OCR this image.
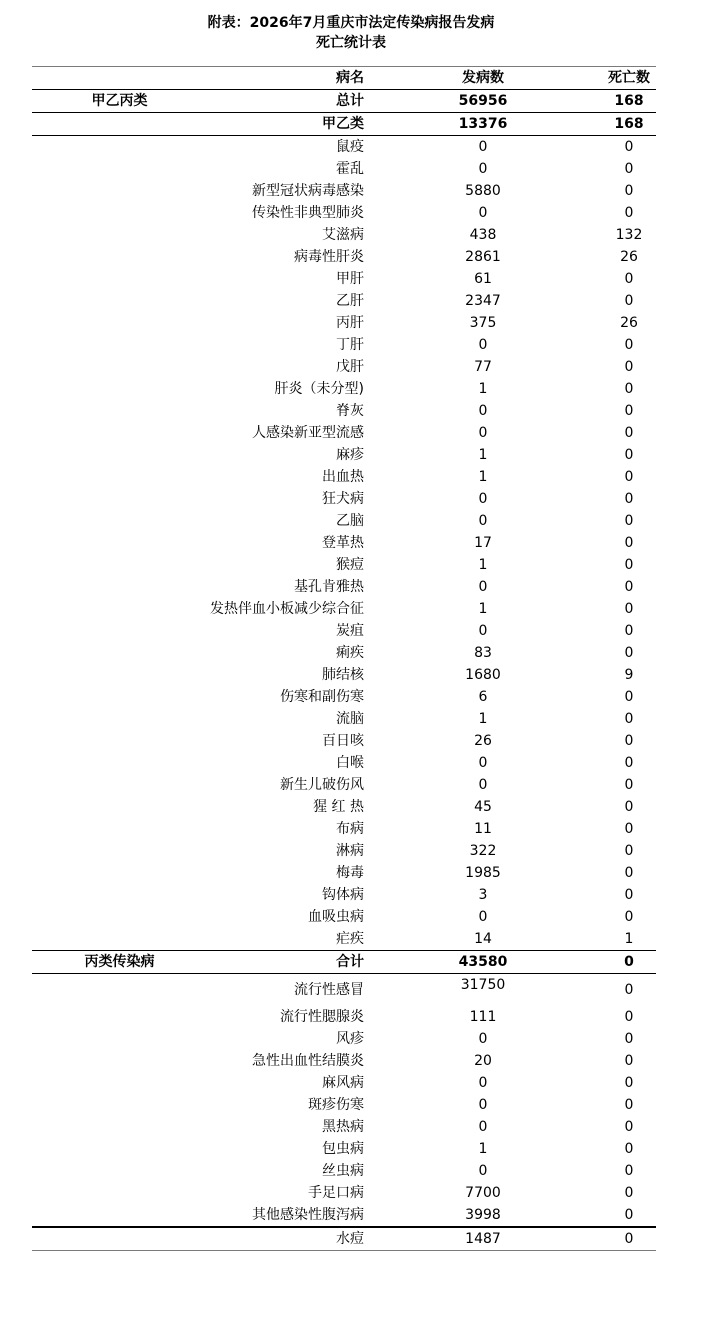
附表：2026年7月重庆市法定传染病报告发病
死亡统计表
	病名	发病数	死亡数
甲乙丙类	总计	56956	168
	甲乙类	13376	168
	鼠疫	0	0
	霍乱	0	0
	新型冠状病毒感染	5880	0
	传染性非典型肺炎	0	0
	艾滋病	438	132
	病毒性肝炎	2861	26
	甲肝	61	0
	乙肝	2347	0
	丙肝	375	26
	丁肝	0	0
	戊肝	77	0
	肝炎（未分型)	1	0
	脊灰	0	0
	人感染新亚型流感	0	0
	麻疹	1	0
	出血热	1	0
	狂犬病	0	0
	乙脑	0	0
	登革热	17	0
	猴痘	1	0
	基孔肯雅热	0	0
	发热伴血小板减少综合征	1	0
	炭疽	0	0
	痢疾	83	0
	肺结核	1680	9
	伤寒和副伤寒	6	0
	流脑	1	0
	百日咳	26	0
	白喉	0	0
	新生儿破伤风	0	0
	猩 红 热	45	0
	布病	11	0
	淋病	322	0
	梅毒	1985	0
	钩体病	3	0
	血吸虫病	0	0
	疟疾	14	1
丙类传染病	合计	43580	0
	流行性感冒	31750	0
	流行性腮腺炎	111	0
	风疹	0	0
	急性出血性结膜炎	20	0
	麻风病	0	0
	斑疹伤寒	0	0
	黑热病	0	0
	包虫病	1	0
	丝虫病	0	0
	手足口病	7700	0
	其他感染性腹泻病	3998	0
	水痘	1487	0
